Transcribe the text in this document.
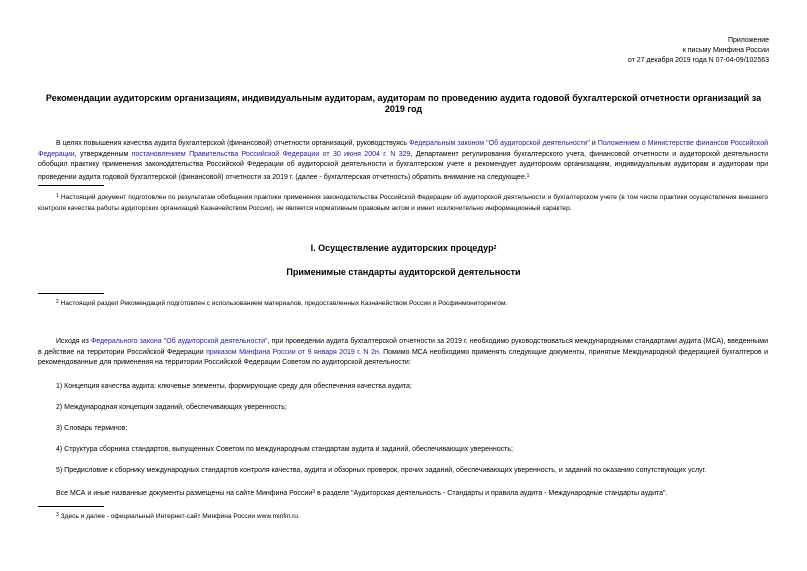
Приложение
к письму Минфина России
от 27 декабря 2019 года N 07-04-09/102563
Рекомендации аудиторским организациям, индивидуальным аудиторам, аудиторам по проведению аудита годовой бухгалтерской отчетности организаций за 2019 год

В целях повышения качества аудита бухгалтерской (финансовой) отчетности организаций, руководствуясь Федеральным законом "Об аудиторской деятельности" и Положением о Министерстве финансов Российской Федерации, утвержденным постановлением Правительства Российской Федерации от 30 июня 2004 г. N 329, Департамент регулирования бухгалтерского учета, финансовой отчетности и аудиторской деятельности обобщил практику применения законодательства Российской Федерации об аудиторской деятельности и бухгалтерском учете и рекомендует аудиторским организациям, индивидуальным аудиторам и аудиторам при проведении аудита годовой бухгалтерской (финансовой) отчетности за 2019 г. (далее - бухгалтерская отчетность) обратить внимание на следующее.$^1$

$^1$ Настоящий документ подготовлен по результатам обобщения практики применения законодательства Российской Федерации об аудиторской деятельности и бухгалтерском учете (в том числе практики осуществления внешнего контроля качества работы аудиторских организаций Казначейством России), не является нормативным правовым актом и имеет исключительно информационный характер.

I. Осуществление аудиторских процедур$^2$
Применимые стандарты аудиторской деятельности

$^2$ Настоящий раздел Рекомендаций подготовлен с использованием материалов, предоставленных Казначейством России и Росфинмониторингом.

Исходя из Федерального закона "Об аудиторской деятельности", при проведении аудита бухгалтерской отчетности за 2019 г. необходимо руководствоваться международными стандартами аудита (МСА), введенными в действие на территории Российской Федерации приказом Минфина России от 9 января 2019 г. N 2н. Помимо МСА необходимо применять следующие документы, принятые Международной федерацией бухгалтеров и рекомендованные для применения на территории Российской Федерации Советом по аудиторской деятельности:

1) Концепция качества аудита: ключевые элементы, формирующие среду для обеспечения качества аудита;

2) Международная концепция заданий, обеспечивающих уверенность;

3) Словарь терминов;

4) Структура сборника стандартов, выпущенных Советом по международным стандартам аудита и заданий, обеспечивающих уверенность;

5) Предисловие к сборнику международных стандартов контроля качества, аудита и обзорных проверок, прочих заданий, обеспечивающих уверенность, и заданий по оказанию сопутствующих услуг.

Все МСА и иные названные документы размещены на сайте Минфина России$^3$ в разделе "Аудиторская деятельность - Стандарты и правила аудита - Международные стандарты аудита".

$^3$ Здесь и далее - официальный Интернет-сайт Минфина России www.minfin.ru.
